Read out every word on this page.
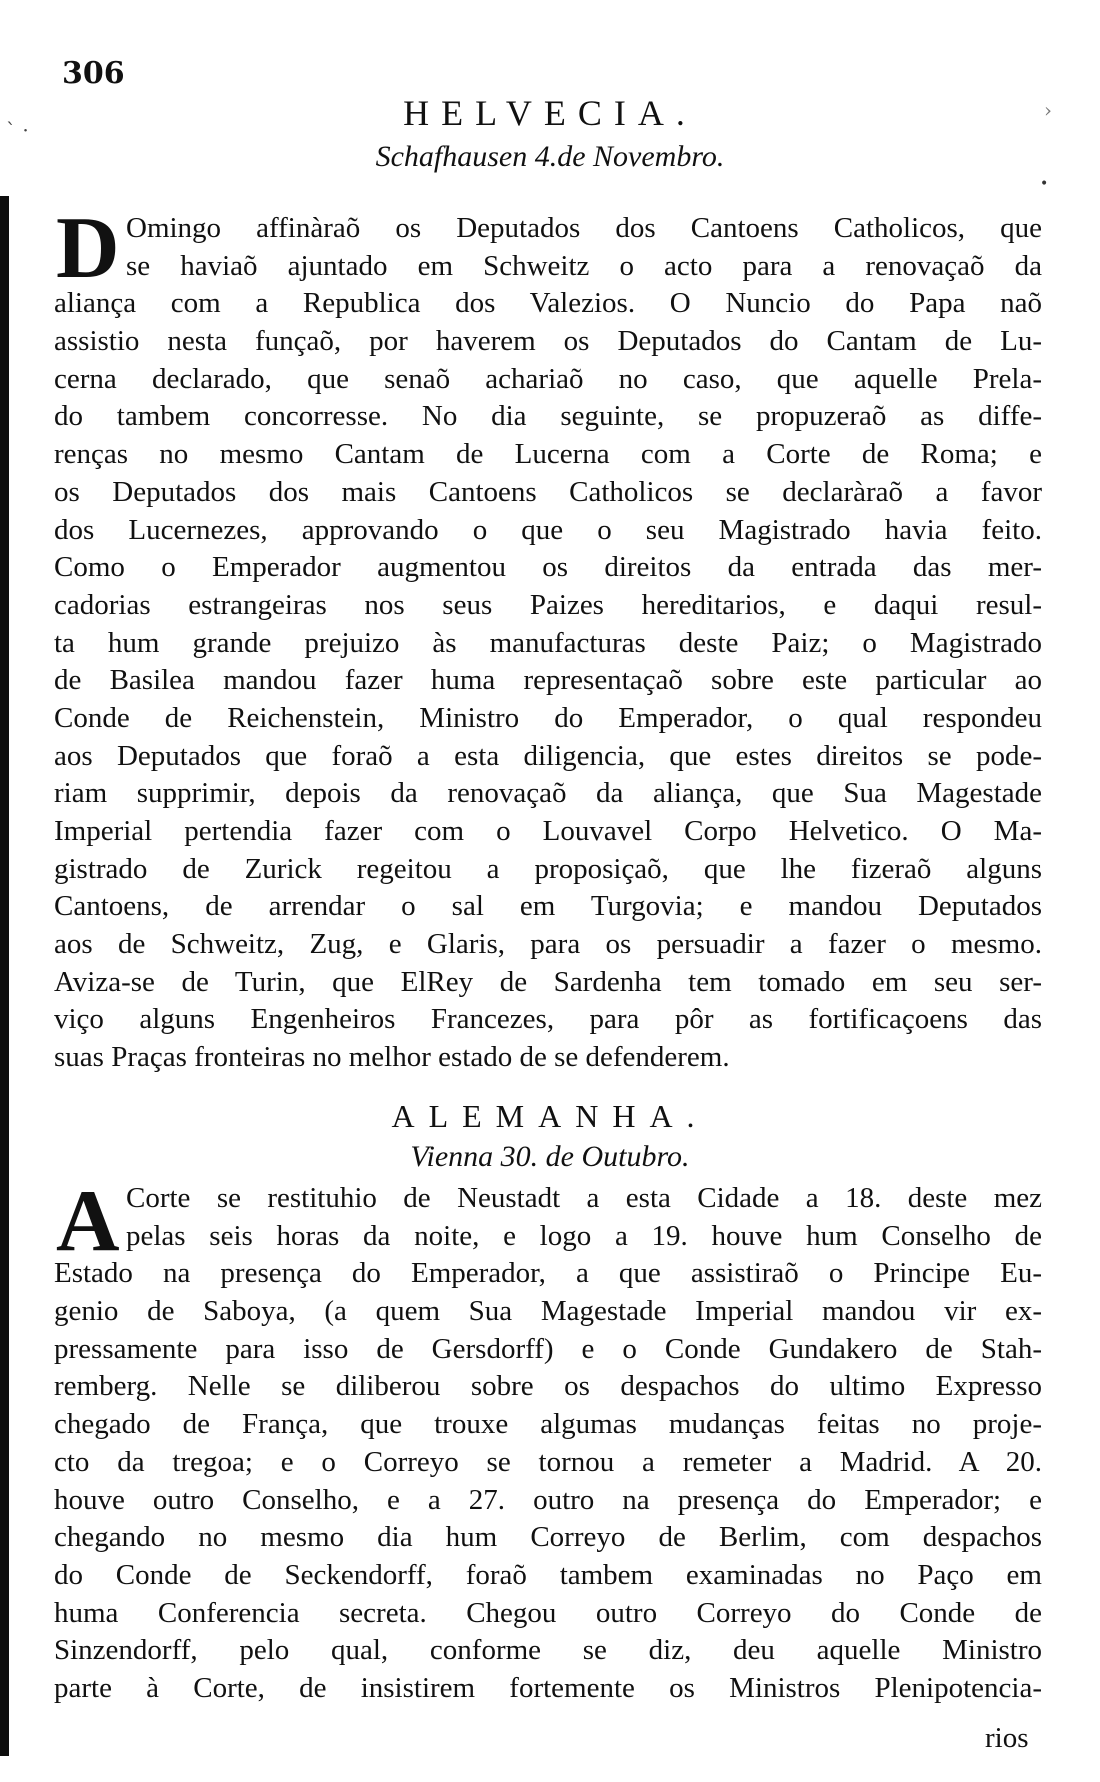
ˋ ·
›
•
306
HELVECIA.
Schafhausen 4.de Novembro.
D Omingo affinàraõ os Deputados dos Cantoens Catholicos, que
se haviaõ ajuntado em Schweitz o acto para a renovaçaõ da
aliança com a Republica dos Valezios. O Nuncio do Papa naõ
assistio nesta funçaõ, por haverem os Deputados do Cantam de Lu-
cerna declarado, que senaõ achariaõ no caso, que aquelle Prela-
do tambem concorresse. No dia seguinte, se propuzeraõ as diffe-
renças no mesmo Cantam de Lucerna com a Corte de Roma; e
os Deputados dos mais Cantoens Catholicos se declaràraõ a favor
dos Lucernezes, approvando o que o seu Magistrado havia feito.
Como o Emperador augmentou os direitos da entrada das mer-
cadorias estrangeiras nos seus Paizes hereditarios, e daqui resul-
ta hum grande prejuizo às manufacturas deste Paiz; o Magistrado
de Basilea mandou fazer huma representaçaõ sobre este particular ao
Conde de Reichenstein, Ministro do Emperador, o qual respondeu
aos Deputados que foraõ a esta diligencia, que estes direitos se pode-
riam supprimir, depois da renovaçaõ da aliança, que Sua Magestade
Imperial pertendia fazer com o Louvavel Corpo Helvetico. O Ma-
gistrado de Zurick regeitou a proposiçaõ, que lhe fizeraõ alguns
Cantoens, de arrendar o sal em Turgovia; e mandou Deputados
aos de Schweitz, Zug, e Glaris, para os persuadir a fazer o mesmo.
Aviza-se de Turin, que ElRey de Sardenha tem tomado em seu ser-
viço alguns Engenheiros Francezes, para pôr as fortificaçoens das
suas Praças fronteiras no melhor estado de se defenderem.
ALEMANHA.
Vienna 30. de Outubro.
A Corte se restituhio de Neustadt a esta Cidade a 18. deste mez
pelas seis horas da noite, e logo a 19. houve hum Conselho de
Estado na presença do Emperador, a que assistiraõ o Principe Eu-
genio de Saboya, (a quem Sua Magestade Imperial mandou vir ex-
pressamente para isso de Gersdorff) e o Conde Gundakero de Stah-
remberg. Nelle se diliberou sobre os despachos do ultimo Expresso
chegado de França, que trouxe algumas mudanças feitas no proje-
cto da tregoa; e o Correyo se tornou a remeter a Madrid. A 20.
houve outro Conselho, e a 27. outro na presença do Emperador; e
chegando no mesmo dia hum Correyo de Berlim, com despachos
do Conde de Seckendorff, foraõ tambem examinadas no Paço em
huma Conferencia secreta. Chegou outro Correyo do Conde de
Sinzendorff, pelo qual, conforme se diz, deu aquelle Ministro
parte à Corte, de insistirem fortemente os Ministros Plenipotencia-
rios
